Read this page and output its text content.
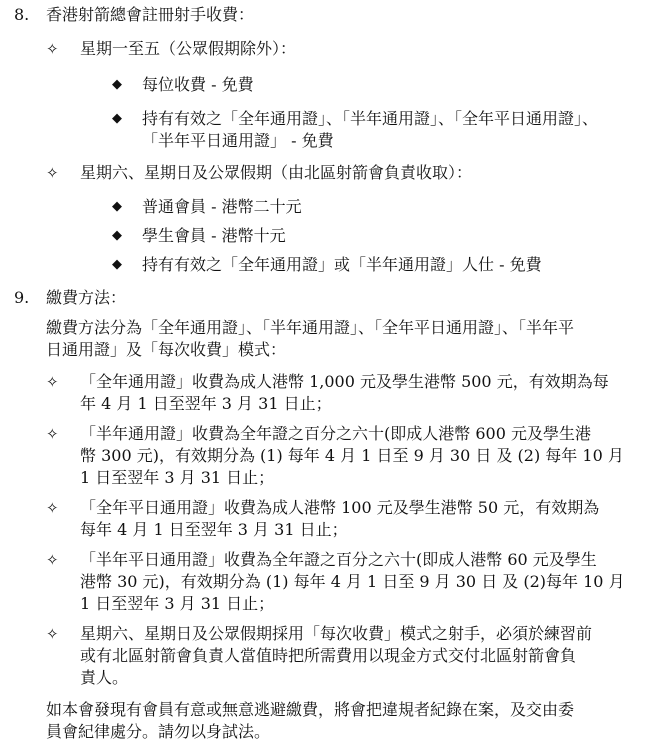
8. 香港射箭總會註冊射手收費：
✧ 星期一至五（公眾假期除外）：
◆ 每位收費 - 免費
◆ 持有有效之「全年通用證」、「半年通用證」、「全年平日通用證」、
「半年平日通用證」 - 免費
✧ 星期六、星期日及公眾假期（由北區射箭會負責收取）：
◆ 普通會員 - 港幣二十元
◆ 學生會員 - 港幣十元
◆ 持有有效之「全年通用證」或「半年通用證」人仕 - 免費
9. 繳費方法：
繳費方法分為「全年通用證」、「半年通用證」、「全年平日通用證」、「半年平
日通用證」及「每次收費」模式：
✧ 「全年通用證」收費為成人港幣 1,000 元及學生港幣 500 元，有效期為每
年 4 月 1 日至翌年 3 月 31 日止；
✧ 「半年通用證」收費為全年證之百分之六十(即成人港幣 600 元及學生港
幣 300 元)，有效期分為 (1) 每年 4 月 1 日至 9 月 30 日 及 (2) 每年 10 月
1 日至翌年 3 月 31 日止；
✧ 「全年平日通用證」收費為成人港幣 100 元及學生港幣 50 元，有效期為
每年 4 月 1 日至翌年 3 月 31 日止；
✧ 「半年平日通用證」收費為全年證之百分之六十(即成人港幣 60 元及學生
港幣 30 元)，有效期分為 (1) 每年 4 月 1 日至 9 月 30 日 及 (2)每年 10 月
1 日至翌年 3 月 31 日止；
✧ 星期六、星期日及公眾假期採用「每次收費」模式之射手，必須於練習前
或有北區射箭會負責人當值時把所需費用以現金方式交付北區射箭會負
責人。
如本會發現有會員有意或無意逃避繳費，將會把違規者紀錄在案，及交由委
員會紀律處分。請勿以身試法。
